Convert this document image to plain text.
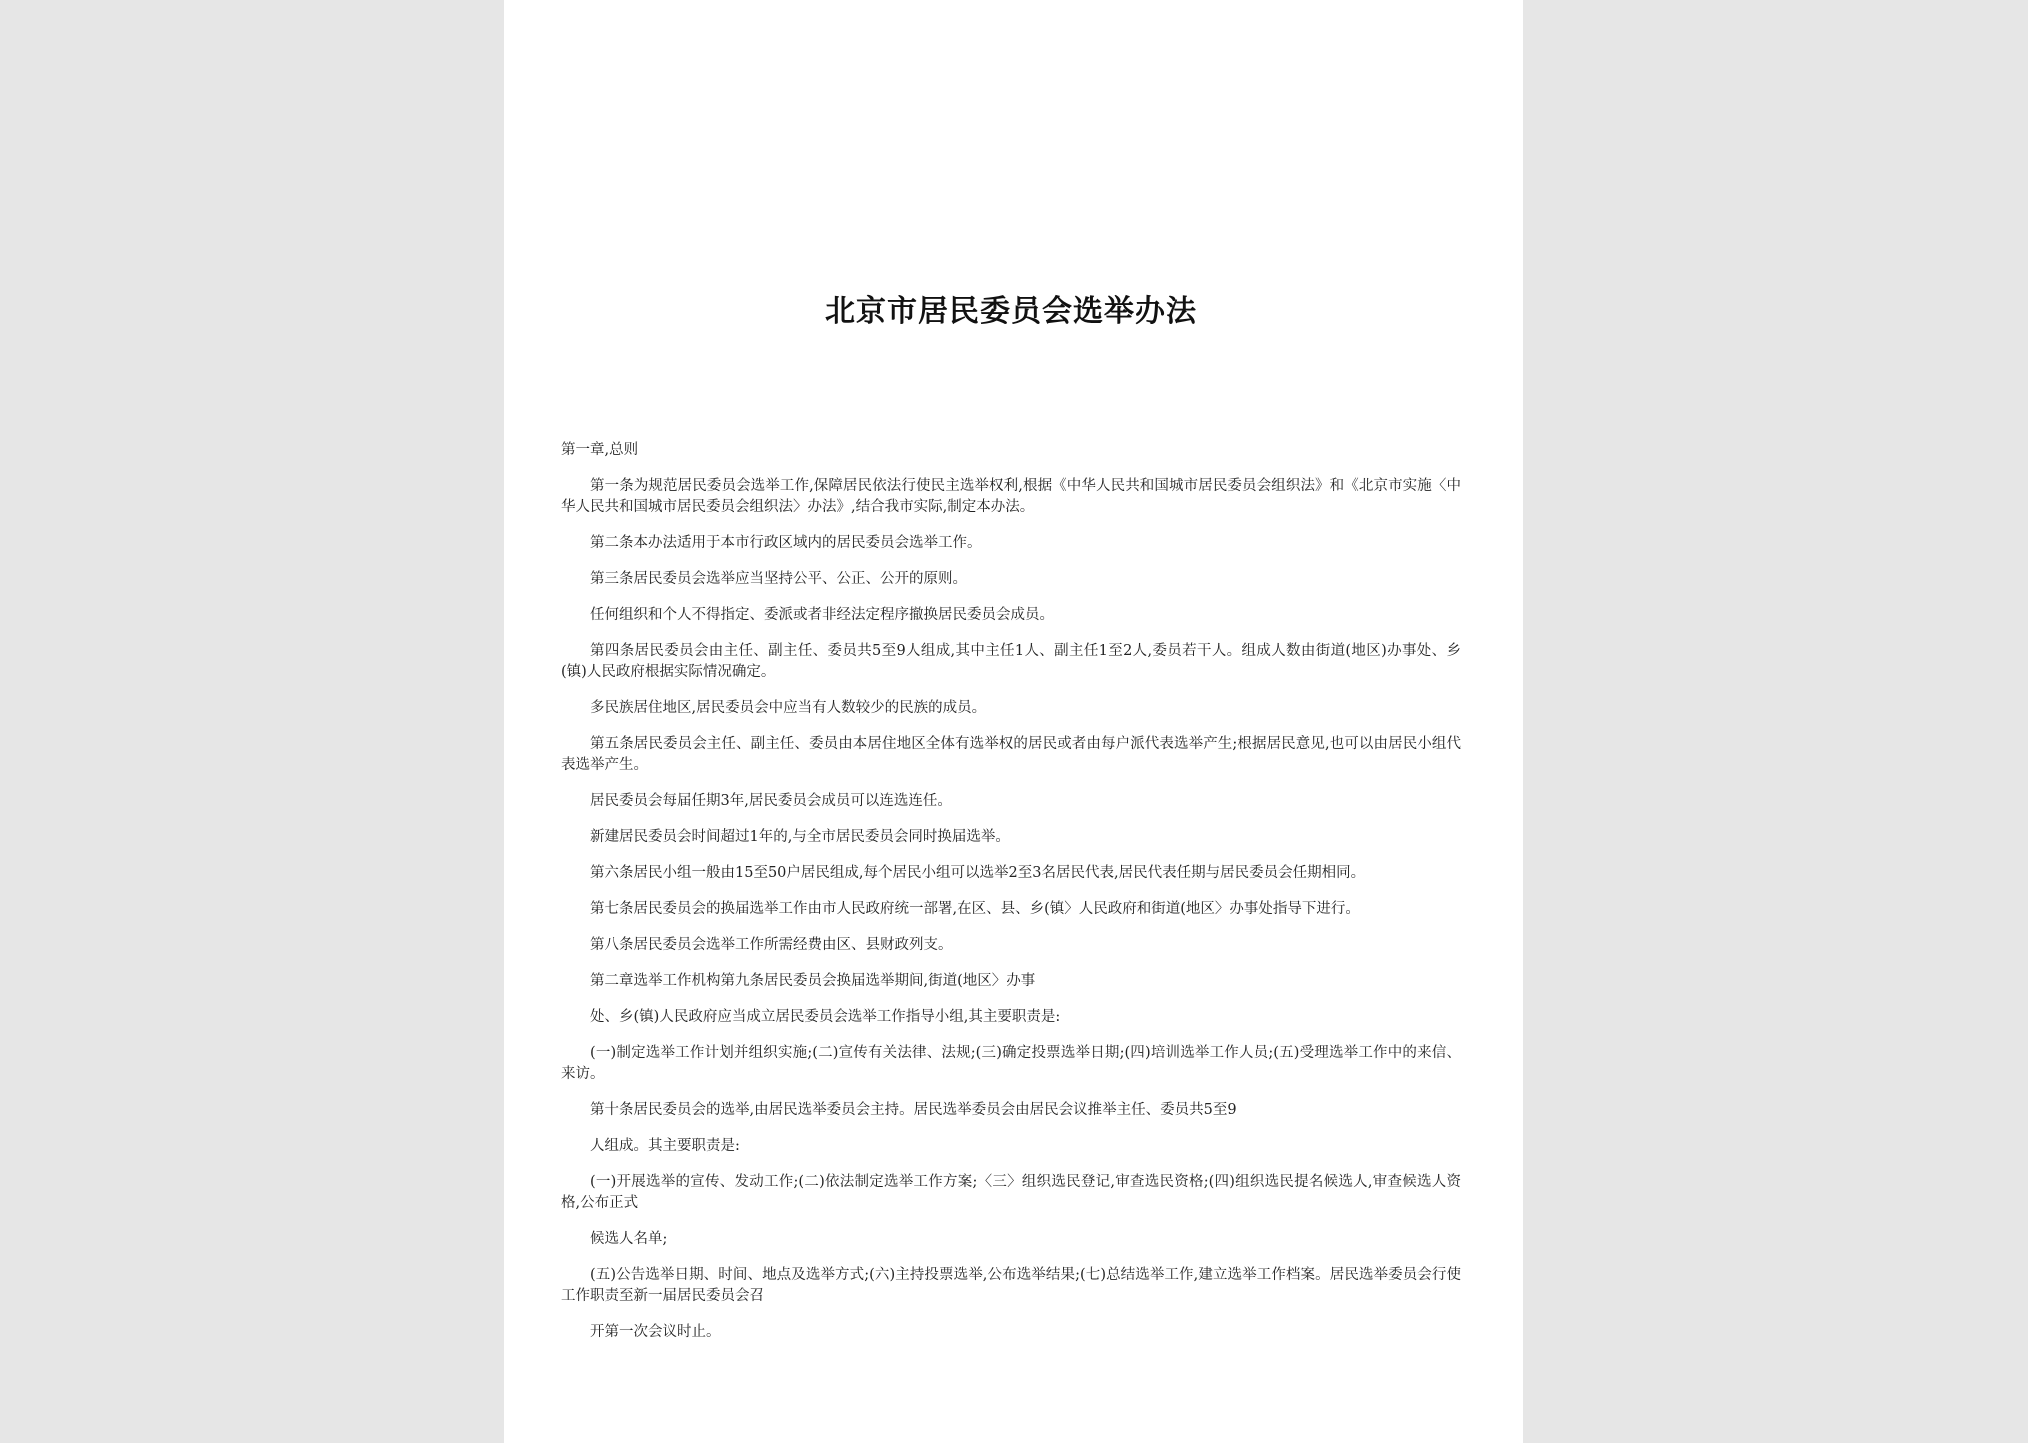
北京市居民委员会选举办法

第一章,总则

第一条为规范居民委员会选举工作,保障居民依法行使民主选举权利,根据《中华人民共和国城市居民委员会组织法》和《北京市实施〈中华人民共和国城市居民委员会组织法〉办法》,结合我市实际,制定本办法。

第二条本办法适用于本市行政区域内的居民委员会选举工作。

第三条居民委员会选举应当坚持公平、公正、公开的原则。

任何组织和个人不得指定、委派或者非经法定程序撤换居民委员会成员。

第四条居民委员会由主任、副主任、委员共5至9人组成,其中主任1人、副主任1至2人,委员若干人。组成人数由街道(地区)办事处、乡(镇)人民政府根据实际情况确定。

多民族居住地区,居民委员会中应当有人数较少的民族的成员。

第五条居民委员会主任、副主任、委员由本居住地区全体有选举权的居民或者由每户派代表选举产生;根据居民意见,也可以由居民小组代表选举产生。

居民委员会每届任期3年,居民委员会成员可以连选连任。

新建居民委员会时间超过1年的,与全市居民委员会同时换届选举。

第六条居民小组一般由15至50户居民组成,每个居民小组可以选举2至3名居民代表,居民代表任期与居民委员会任期相同。

第七条居民委员会的换届选举工作由市人民政府统一部署,在区、县、乡(镇〉人民政府和街道(地区〉办事处指导下进行。

第八条居民委员会选举工作所需经费由区、县财政列支。

第二章选举工作机构第九条居民委员会换届选举期间,街道(地区〉办事

处、乡(镇)人民政府应当成立居民委员会选举工作指导小组,其主要职责是:

(一)制定选举工作计划并组织实施;(二)宣传有关法律、法规;(三)确定投票选举日期;(四)培训选举工作人员;(五)受理选举工作中的来信、来访。

第十条居民委员会的选举,由居民选举委员会主持。居民选举委员会由居民会议推举主任、委员共5至9

人组成。其主要职责是:

(一)开展选举的宣传、发动工作;(二)依法制定选举工作方案;〈三〉组织选民登记,审查选民资格;(四)组织选民提名候选人,审查候选人资格,公布正式

候选人名单;

(五)公告选举日期、时间、地点及选举方式;(六)主持投票选举,公布选举结果;(七)总结选举工作,建立选举工作档案。居民选举委员会行使工作职责至新一届居民委员会召

开第一次会议时止。
